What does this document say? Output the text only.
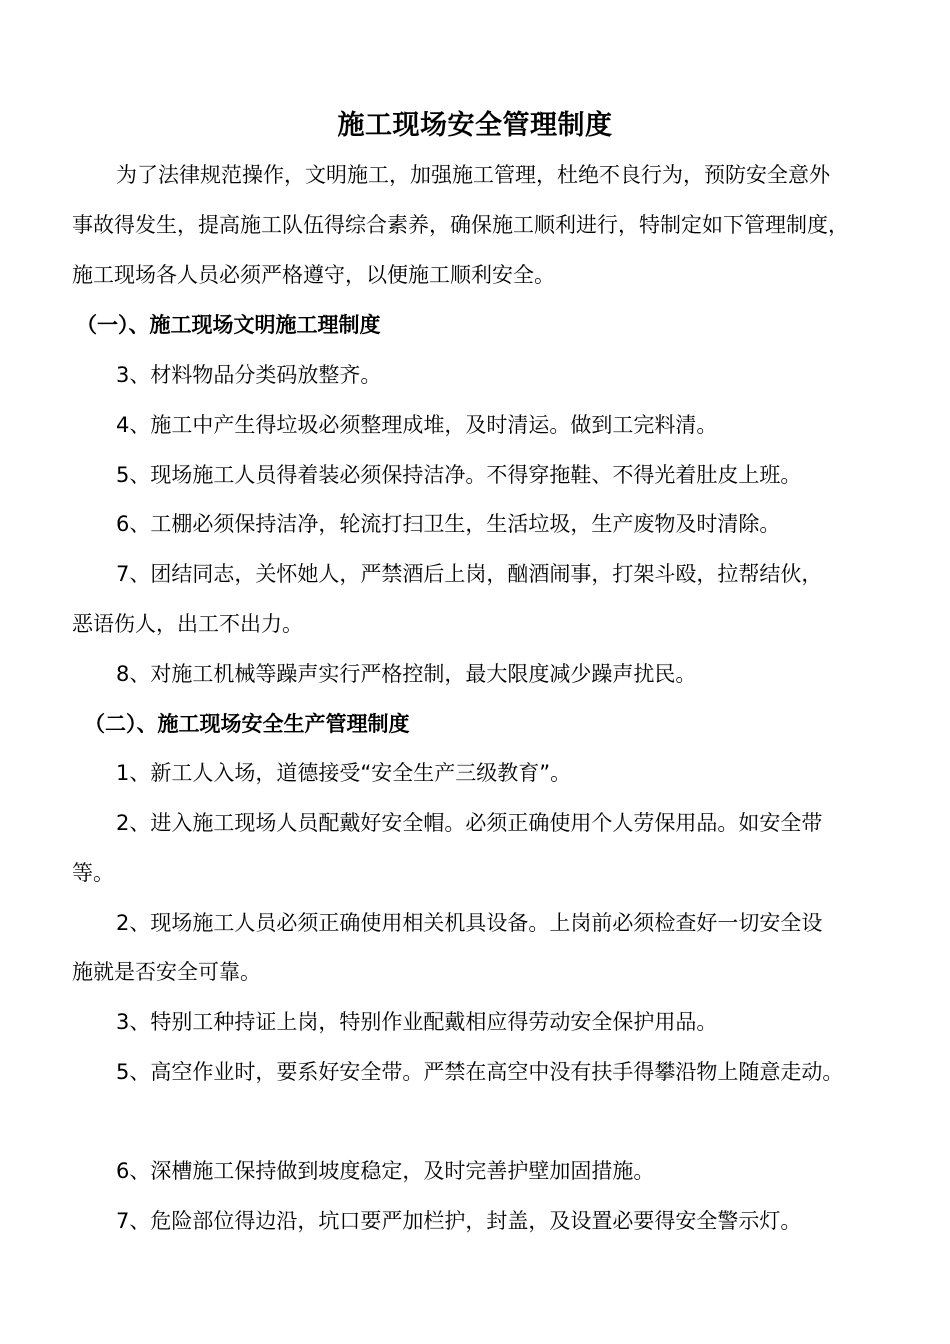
施工现场安全管理制度
为了法律规范操作，文明施工，加强施工管理，杜绝不良行为，预防安全意外
事故得发生，提高施工队伍得综合素养，确保施工顺利进行，特制定如下管理制度，
施工现场各人员必须严格遵守，以便施工顺利安全。
（一）、施工现场文明施工理制度
3、材料物品分类码放整齐。
4、施工中产生得垃圾必须整理成堆，及时清运。做到工完料清。
5、现场施工人员得着装必须保持洁净。不得穿拖鞋、不得光着肚皮上班。
6、工棚必须保持洁净，轮流打扫卫生，生活垃圾，生产废物及时清除。
7、团结同志，关怀她人，严禁酒后上岗，酗酒闹事，打架斗殴，拉帮结伙，
恶语伤人，出工不出力。
8、对施工机械等躁声实行严格控制，最大限度减少躁声扰民。
（二）、施工现场安全生产管理制度
1、新工人入场，道德接受“安全生产三级教育”。
2、进入施工现场人员配戴好安全帽。必须正确使用个人劳保用品。如安全带
等。
2、现场施工人员必须正确使用相关机具设备。上岗前必须检查好一切安全设
施就是否安全可靠。
3、特别工种持证上岗，特别作业配戴相应得劳动安全保护用品。
5、高空作业时，要系好安全带。严禁在高空中没有扶手得攀沿物上随意走动。
6、深槽施工保持做到坡度稳定，及时完善护壁加固措施。
7、危险部位得边沿，坑口要严加栏护，封盖，及设置必要得安全警示灯。
